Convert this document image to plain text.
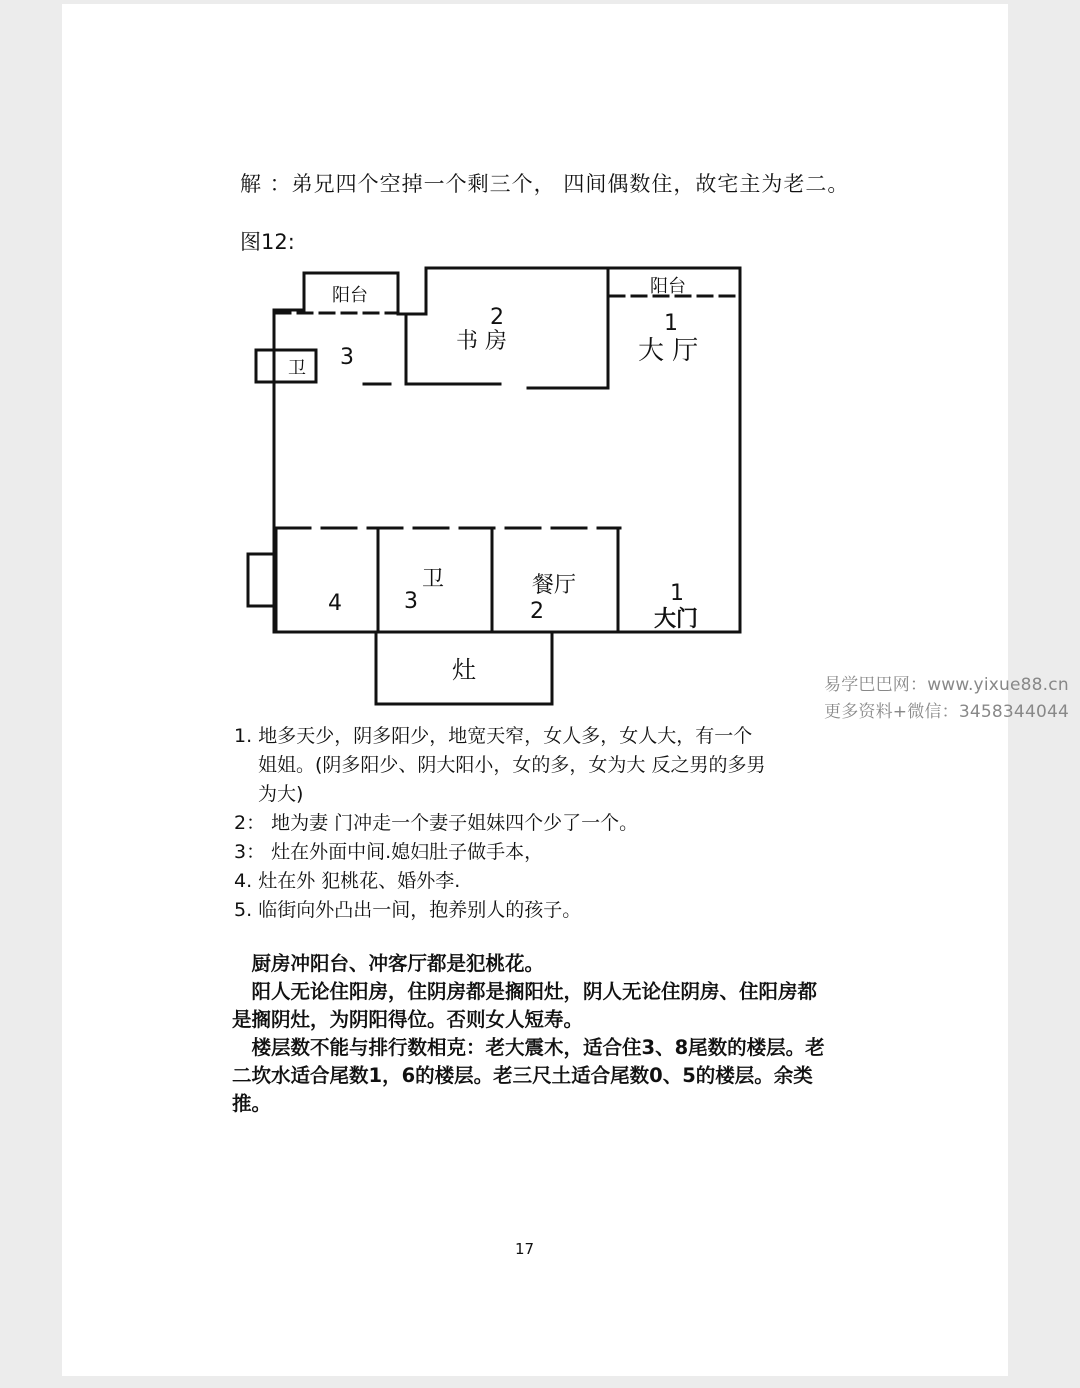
解 ：弟兄四个空掉一个剩三个， 四间偶数住，故宅主为老二。
图12:
阳台	阳台
卫 3
2
书 房
1
大 厅
4
卫
3
餐厅
2
1
大门
灶
1. 地多天少，阴多阳少，地宽天窄，女人多，女人大，有一个
姐姐。(阴多阳少、阴大阳小，女的多，女为大 反之男的多男
为大)
2： 地为妻 门冲走一个妻子姐妹四个少了一个。
3： 灶在外面中间.媳妇肚子做手本，
4. 灶在外 犯桃花、婚外李.
5. 临街向外凸出一间，抱养别人的孩子。

　厨房冲阳台、冲客厅都是犯桃花。

　阳人无论住阳房，住阴房都是搁阳灶，阴人无论住阴房、住阳房都是搁阴灶，为阴阳得位。否则女人短寿。

　楼层数不能与排行数相克：老大震木，适合住3、8尾数的楼层。老二坎水适合尾数1，6的楼层。老三尺土适合尾数0、5的楼层。余类推。

17
易学巴巴网：www.yixue88.cn
更多资料+微信：3458344044
